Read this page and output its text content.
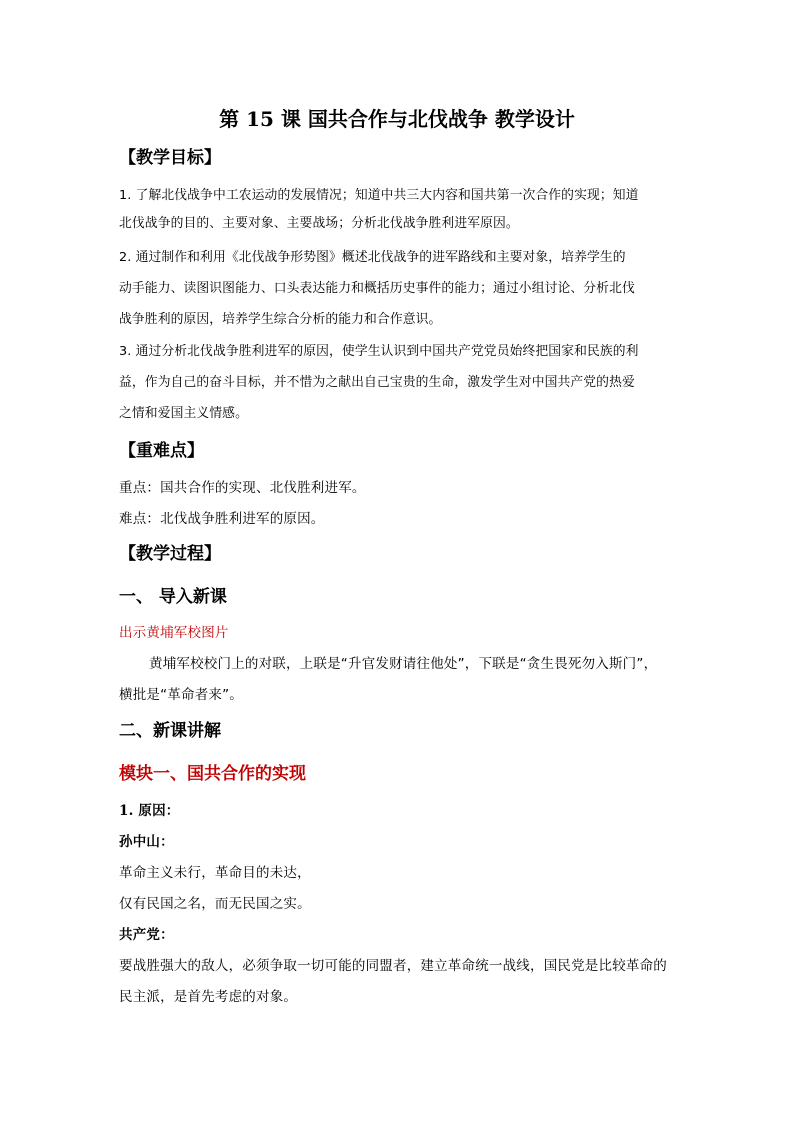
第 15 课 国共合作与北伐战争 教学设计
【教学目标】
1. 了解北伐战争中工农运动的发展情况；知道中共三大内容和国共第一次合作的实现；知道
北伐战争的目的、主要对象、主要战场；分析北伐战争胜利进军原因。
2. 通过制作和利用《北伐战争形势图》概述北伐战争的进军路线和主要对象，培养学生的
动手能力、读图识图能力、口头表达能力和概括历史事件的能力；通过小组讨论、分析北伐
战争胜利的原因，培养学生综合分析的能力和合作意识。
3. 通过分析北伐战争胜利进军的原因，使学生认识到中国共产党党员始终把国家和民族的利
益，作为自己的奋斗目标，并不惜为之献出自己宝贵的生命，激发学生对中国共产党的热爱
之情和爱国主义情感。
【重难点】
重点：国共合作的实现、北伐胜利进军。
难点：北伐战争胜利进军的原因。
【教学过程】
一、 导入新课
出示黄埔军校图片
黄埔军校校门上的对联，上联是“升官发财请往他处”，下联是“贪生畏死勿入斯门”，
横批是“革命者来”。
二、新课讲解
模块一、国共合作的实现
1. 原因：
孙中山：
革命主义未行，革命目的未达，
仅有民国之名，而无民国之实。
共产党：
要战胜强大的敌人，必须争取一切可能的同盟者，建立革命统一战线，国民党是比较革命的
民主派，是首先考虑的对象。
